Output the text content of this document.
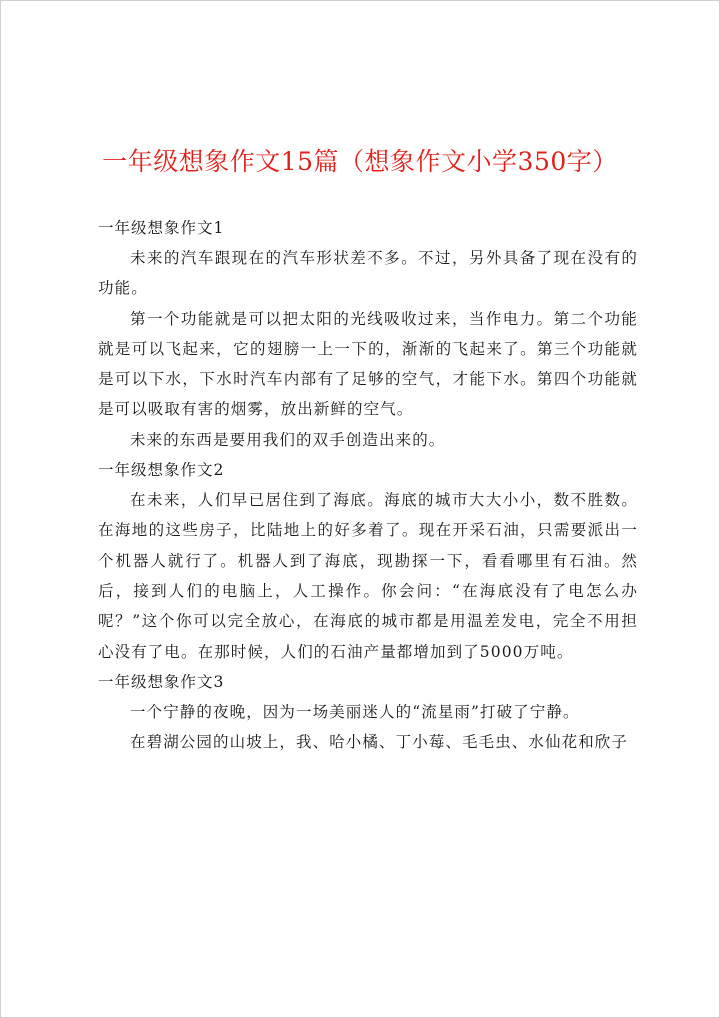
一年级想象作文15篇（想象作文小学350字）
一年级想象作文1

未来的汽车跟现在的汽车形状差不多。不过，另外具备了现在没有的功能。

第一个功能就是可以把太阳的光线吸收过来，当作电力。第二个功能就是可以飞起来，它的翅膀一上一下的，渐渐的飞起来了。第三个功能就是可以下水，下水时汽车内部有了足够的空气，才能下水。第四个功能就是可以吸取有害的烟雾，放出新鲜的空气。

未来的东西是要用我们的双手创造出来的。

一年级想象作文2

在未来，人们早已居住到了海底。海底的城市大大小小，数不胜数。在海地的这些房子，比陆地上的好多着了。现在开采石油，只需要派出一个机器人就行了。机器人到了海底，现勘探一下，看看哪里有石油。然后，接到人们的电脑上，人工操作。你会问：“在海底没有了电怎么办呢？”这个你可以完全放心，在海底的城市都是用温差发电，完全不用担心没有了电。在那时候，人们的石油产量都增加到了5000万吨。

一年级想象作文3

一个宁静的夜晚，因为一场美丽迷人的“流星雨”打破了宁静。

在碧湖公园的山坡上，我、哈小橘、丁小莓、毛毛虫、水仙花和欣子
